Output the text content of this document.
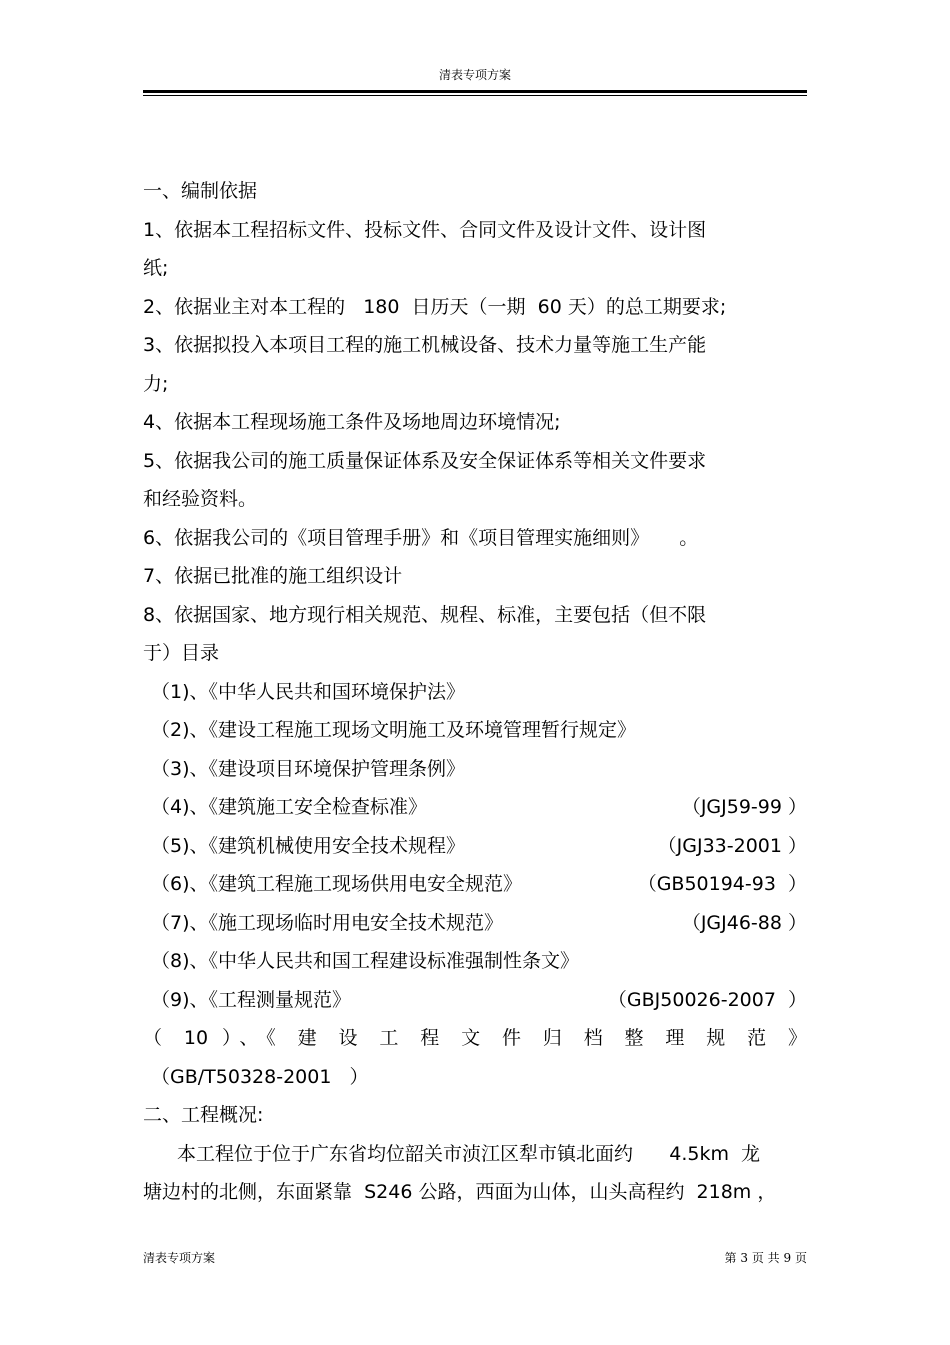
清表专项方案
一、编制依据
1、依据本工程招标文件、投标文件、合同文件及设计文件、设计图
纸;
2、依据业主对本工程的   180  日历天（一期  60 天）的总工期要求;
3、依据拟投入本项目工程的施工机械设备、技术力量等施工生产能
力;
4、依据本工程现场施工条件及场地周边环境情况;
5、依据我公司的施工质量保证体系及安全保证体系等相关文件要求
和经验资料。
6、依据我公司的《项目管理手册》和《项目管理实施细则》     。
7、依据已批准的施工组织设计
8、依据国家、地方现行相关规范、规程、标准，主要包括（但不限
于）目录
（1)、《中华人民共和国环境保护法》
（2)、《建设工程施工现场文明施工及环境管理暂行规定》
（3)、《建设项目环境保护管理条例》
（4)、《建筑施工安全检查标准》	（JGJ59-99 ）
（5)、《建筑机械使用安全技术规程》	（JGJ33-2001 ）
（6)、《建筑工程施工现场供用电安全规范》	（GB50194-93  ）
（7)、《施工现场临时用电安全技术规范》	（JGJ46-88 ）
（8)、《中华人民共和国工程建设标准强制性条文》
（9)、《工程测量规范》	（GBJ50026-2007  ）
（ 10 ）、《 建 设 工 程 文 件 归 档 整 理 规 范 》
（GB/T50328-2001   ）
二、工程概况:
本工程位于位于广东省均位韶关市浈江区犁市镇北面约      4.5km  龙
塘边村的北侧，东面紧靠  S246 公路，西面为山体，山头高程约  218m ，
清表专项方案	第 3 页 共 9 页
